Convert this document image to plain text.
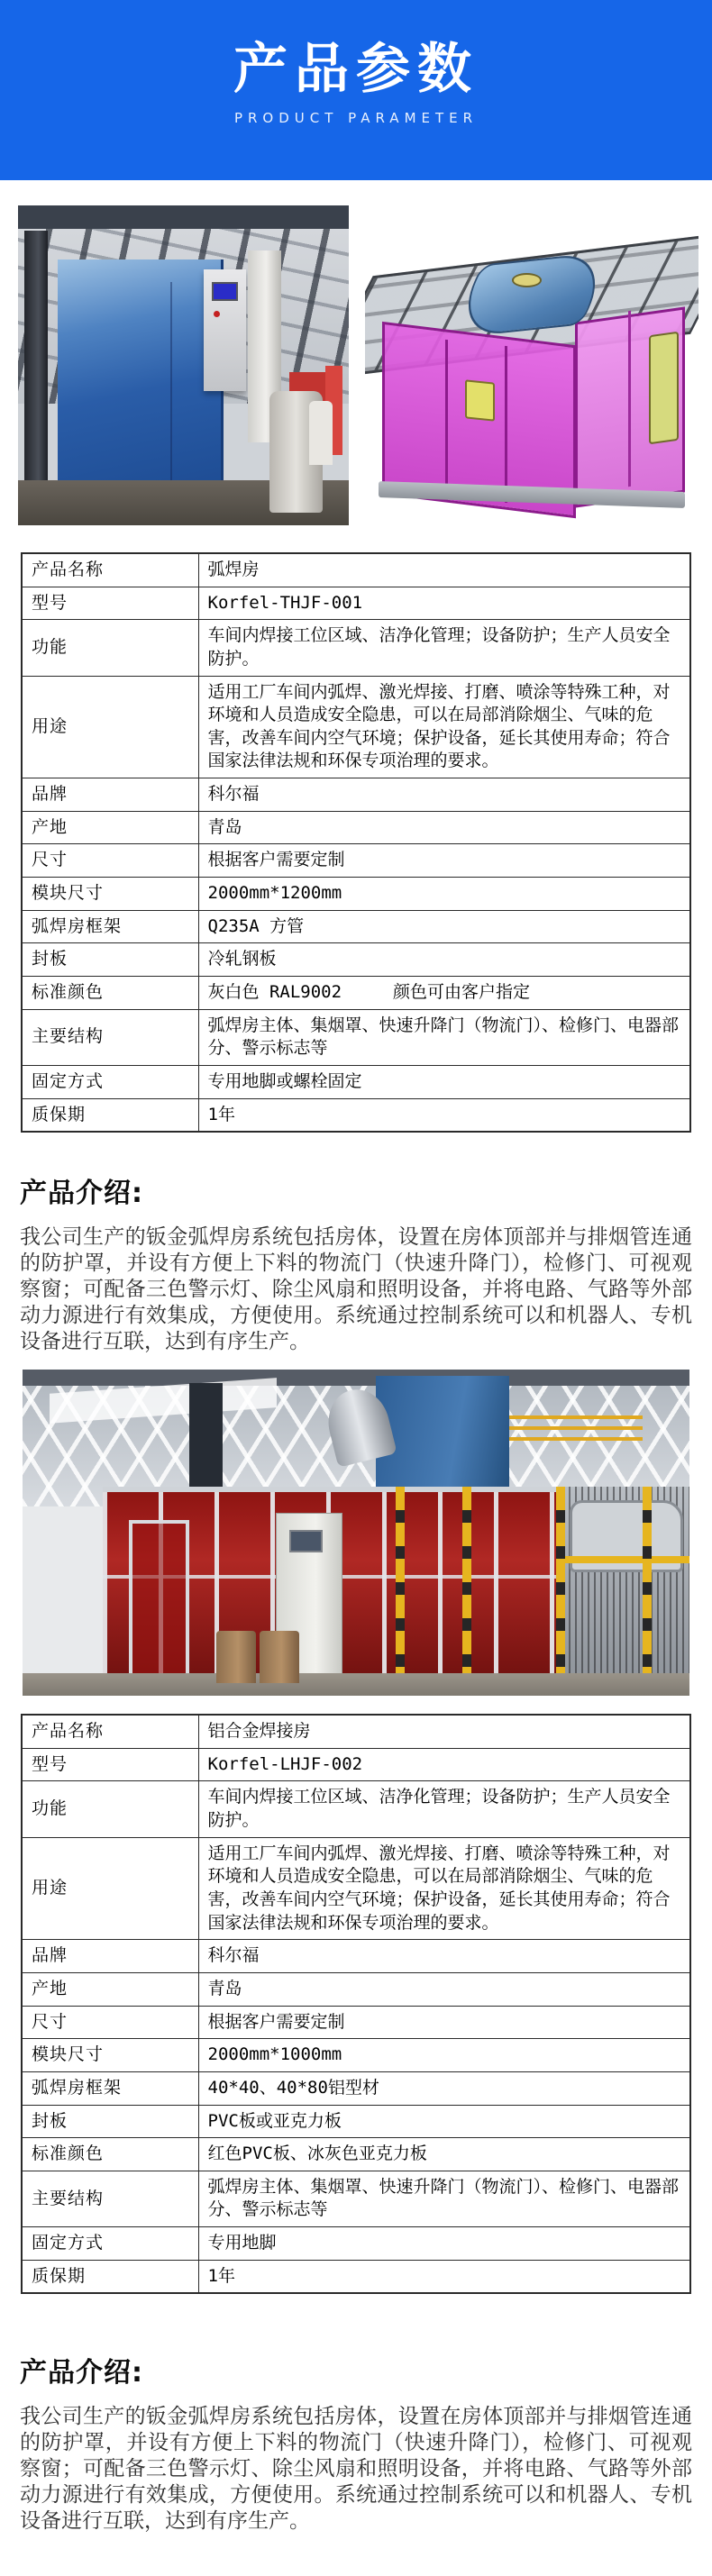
产品参数
PRODUCT PARAMETER
产品名称	弧焊房
型号	Korfel-THJF-001
功能	车间内焊接工位区域、洁净化管理；设备防护；生产人员安全防护。
用途	适用工厂车间内弧焊、激光焊接、打磨、喷涂等特殊工种，对环境和人员造成安全隐患，可以在局部消除烟尘、气味的危害，改善车间内空气环境；保护设备，延长其使用寿命；符合国家法律法规和环保专项治理的要求。
品牌	科尔福
产地	青岛
尺寸	根据客户需要定制
模块尺寸	2000mm*1200mm
弧焊房框架	Q235A 方管
封板	冷轧钢板
标准颜色	灰白色 RAL9002　　　颜色可由客户指定
主要结构	弧焊房主体、集烟罩、快速升降门（物流门）、检修门、电器部分、警示标志等
固定方式	专用地脚或螺栓固定
质保期	1年
产品介绍:
我公司生产的钣金弧焊房系统包括房体，设置在房体顶部并与排烟管连通的防护罩，并设有方便上下料的物流门（快速升降门），检修门、可视观察窗；可配备三色警示灯、除尘风扇和照明设备，并将电路、气路等外部动力源进行有效集成，方便使用。系统通过控制系统可以和机器人、专机设备进行互联，达到有序生产。
产品名称	铝合金焊接房
型号	Korfel-LHJF-002
功能	车间内焊接工位区域、洁净化管理；设备防护；生产人员安全防护。
用途	适用工厂车间内弧焊、激光焊接、打磨、喷涂等特殊工种，对环境和人员造成安全隐患，可以在局部消除烟尘、气味的危害，改善车间内空气环境；保护设备，延长其使用寿命；符合国家法律法规和环保专项治理的要求。
品牌	科尔福
产地	青岛
尺寸	根据客户需要定制
模块尺寸	2000mm*1000mm
弧焊房框架	40*40、40*80铝型材
封板	PVC板或亚克力板
标准颜色	红色PVC板、冰灰色亚克力板
主要结构	弧焊房主体、集烟罩、快速升降门（物流门）、检修门、电器部分、警示标志等
固定方式	专用地脚
质保期	1年
产品介绍:
我公司生产的钣金弧焊房系统包括房体，设置在房体顶部并与排烟管连通的防护罩，并设有方便上下料的物流门（快速升降门），检修门、可视观察窗；可配备三色警示灯、除尘风扇和照明设备，并将电路、气路等外部动力源进行有效集成，方便使用。系统通过控制系统可以和机器人、专机设备进行互联，达到有序生产。
